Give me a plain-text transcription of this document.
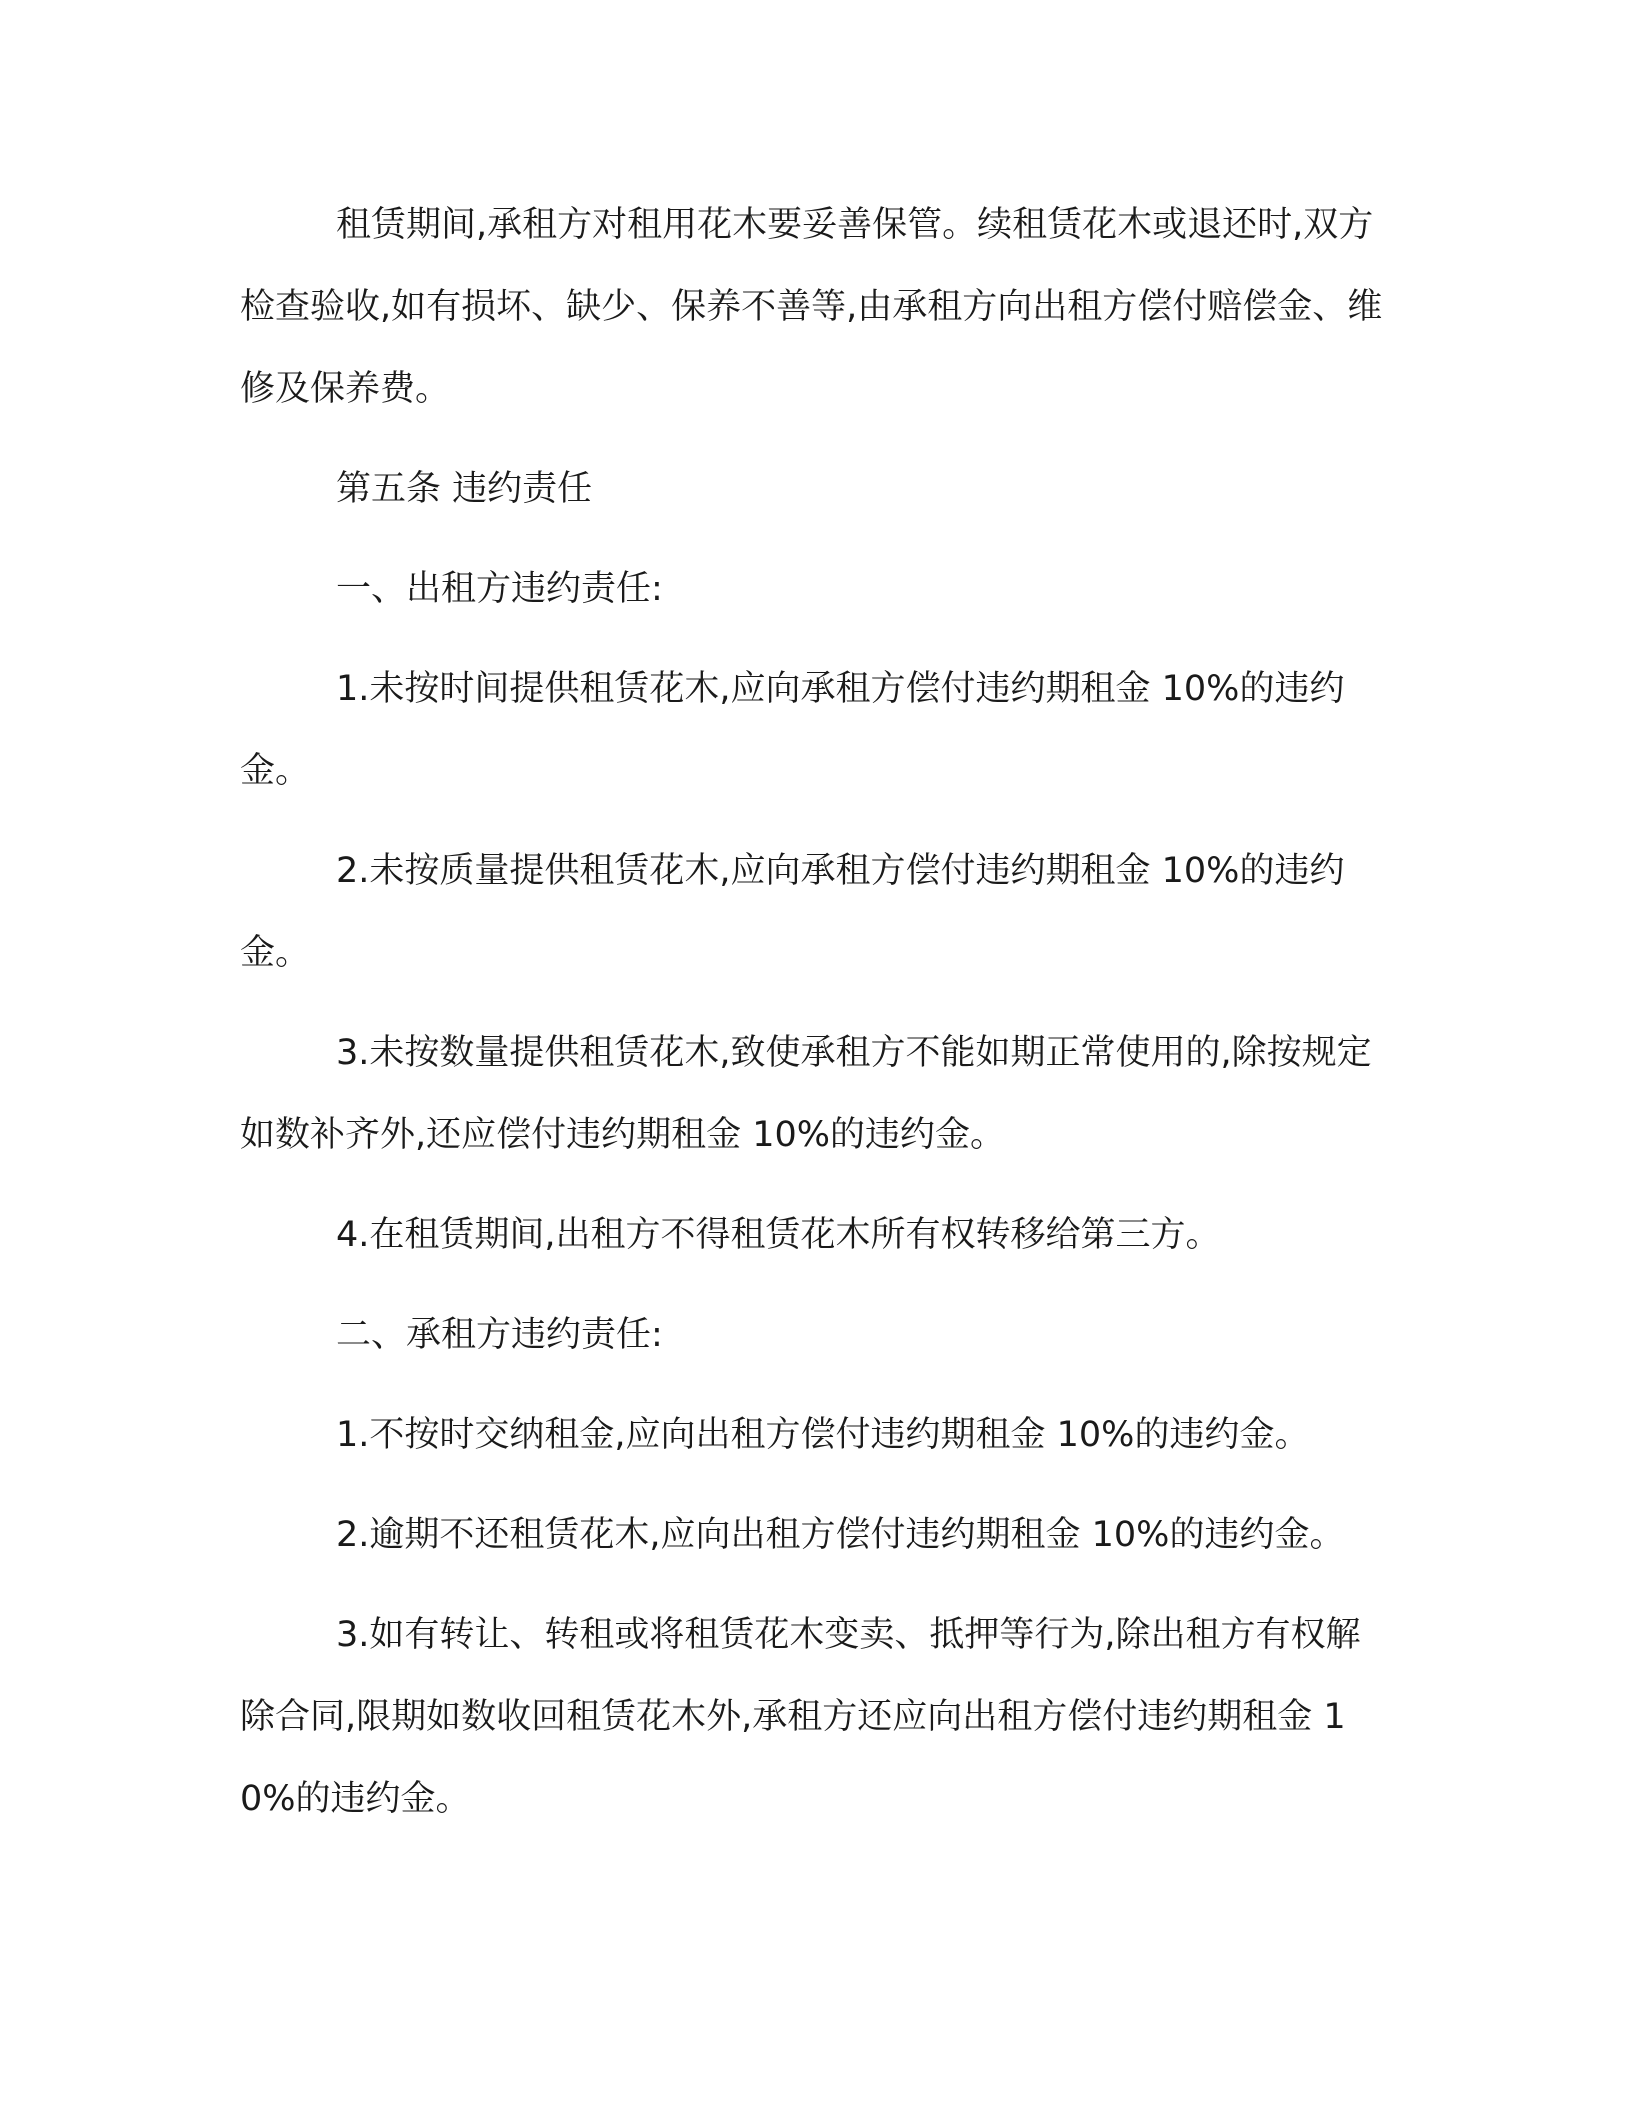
租赁期间,承租方对租用花木要妥善保管。续租赁花木或退还时,双方检查验收,如有损坏、缺少、保养不善等,由承租方向出租方偿付赔偿金、维修及保养费。

第五条 违约责任

一、出租方违约责任:

1.未按时间提供租赁花木,应向承租方偿付违约期租金 10%的违约金。

2.未按质量提供租赁花木,应向承租方偿付违约期租金 10%的违约金。

3.未按数量提供租赁花木,致使承租方不能如期正常使用的,除按规定如数补齐外,还应偿付违约期租金 10%的违约金。

4.在租赁期间,出租方不得租赁花木所有权转移给第三方。

二、承租方违约责任:

1.不按时交纳租金,应向出租方偿付违约期租金 10%的违约金。

2.逾期不还租赁花木,应向出租方偿付违约期租金 10%的违约金。

3.如有转让、转租或将租赁花木变卖、抵押等行为,除出租方有权解除合同,限期如数收回租赁花木外,承租方还应向出租方偿付违约期租金 10%的违约金。
